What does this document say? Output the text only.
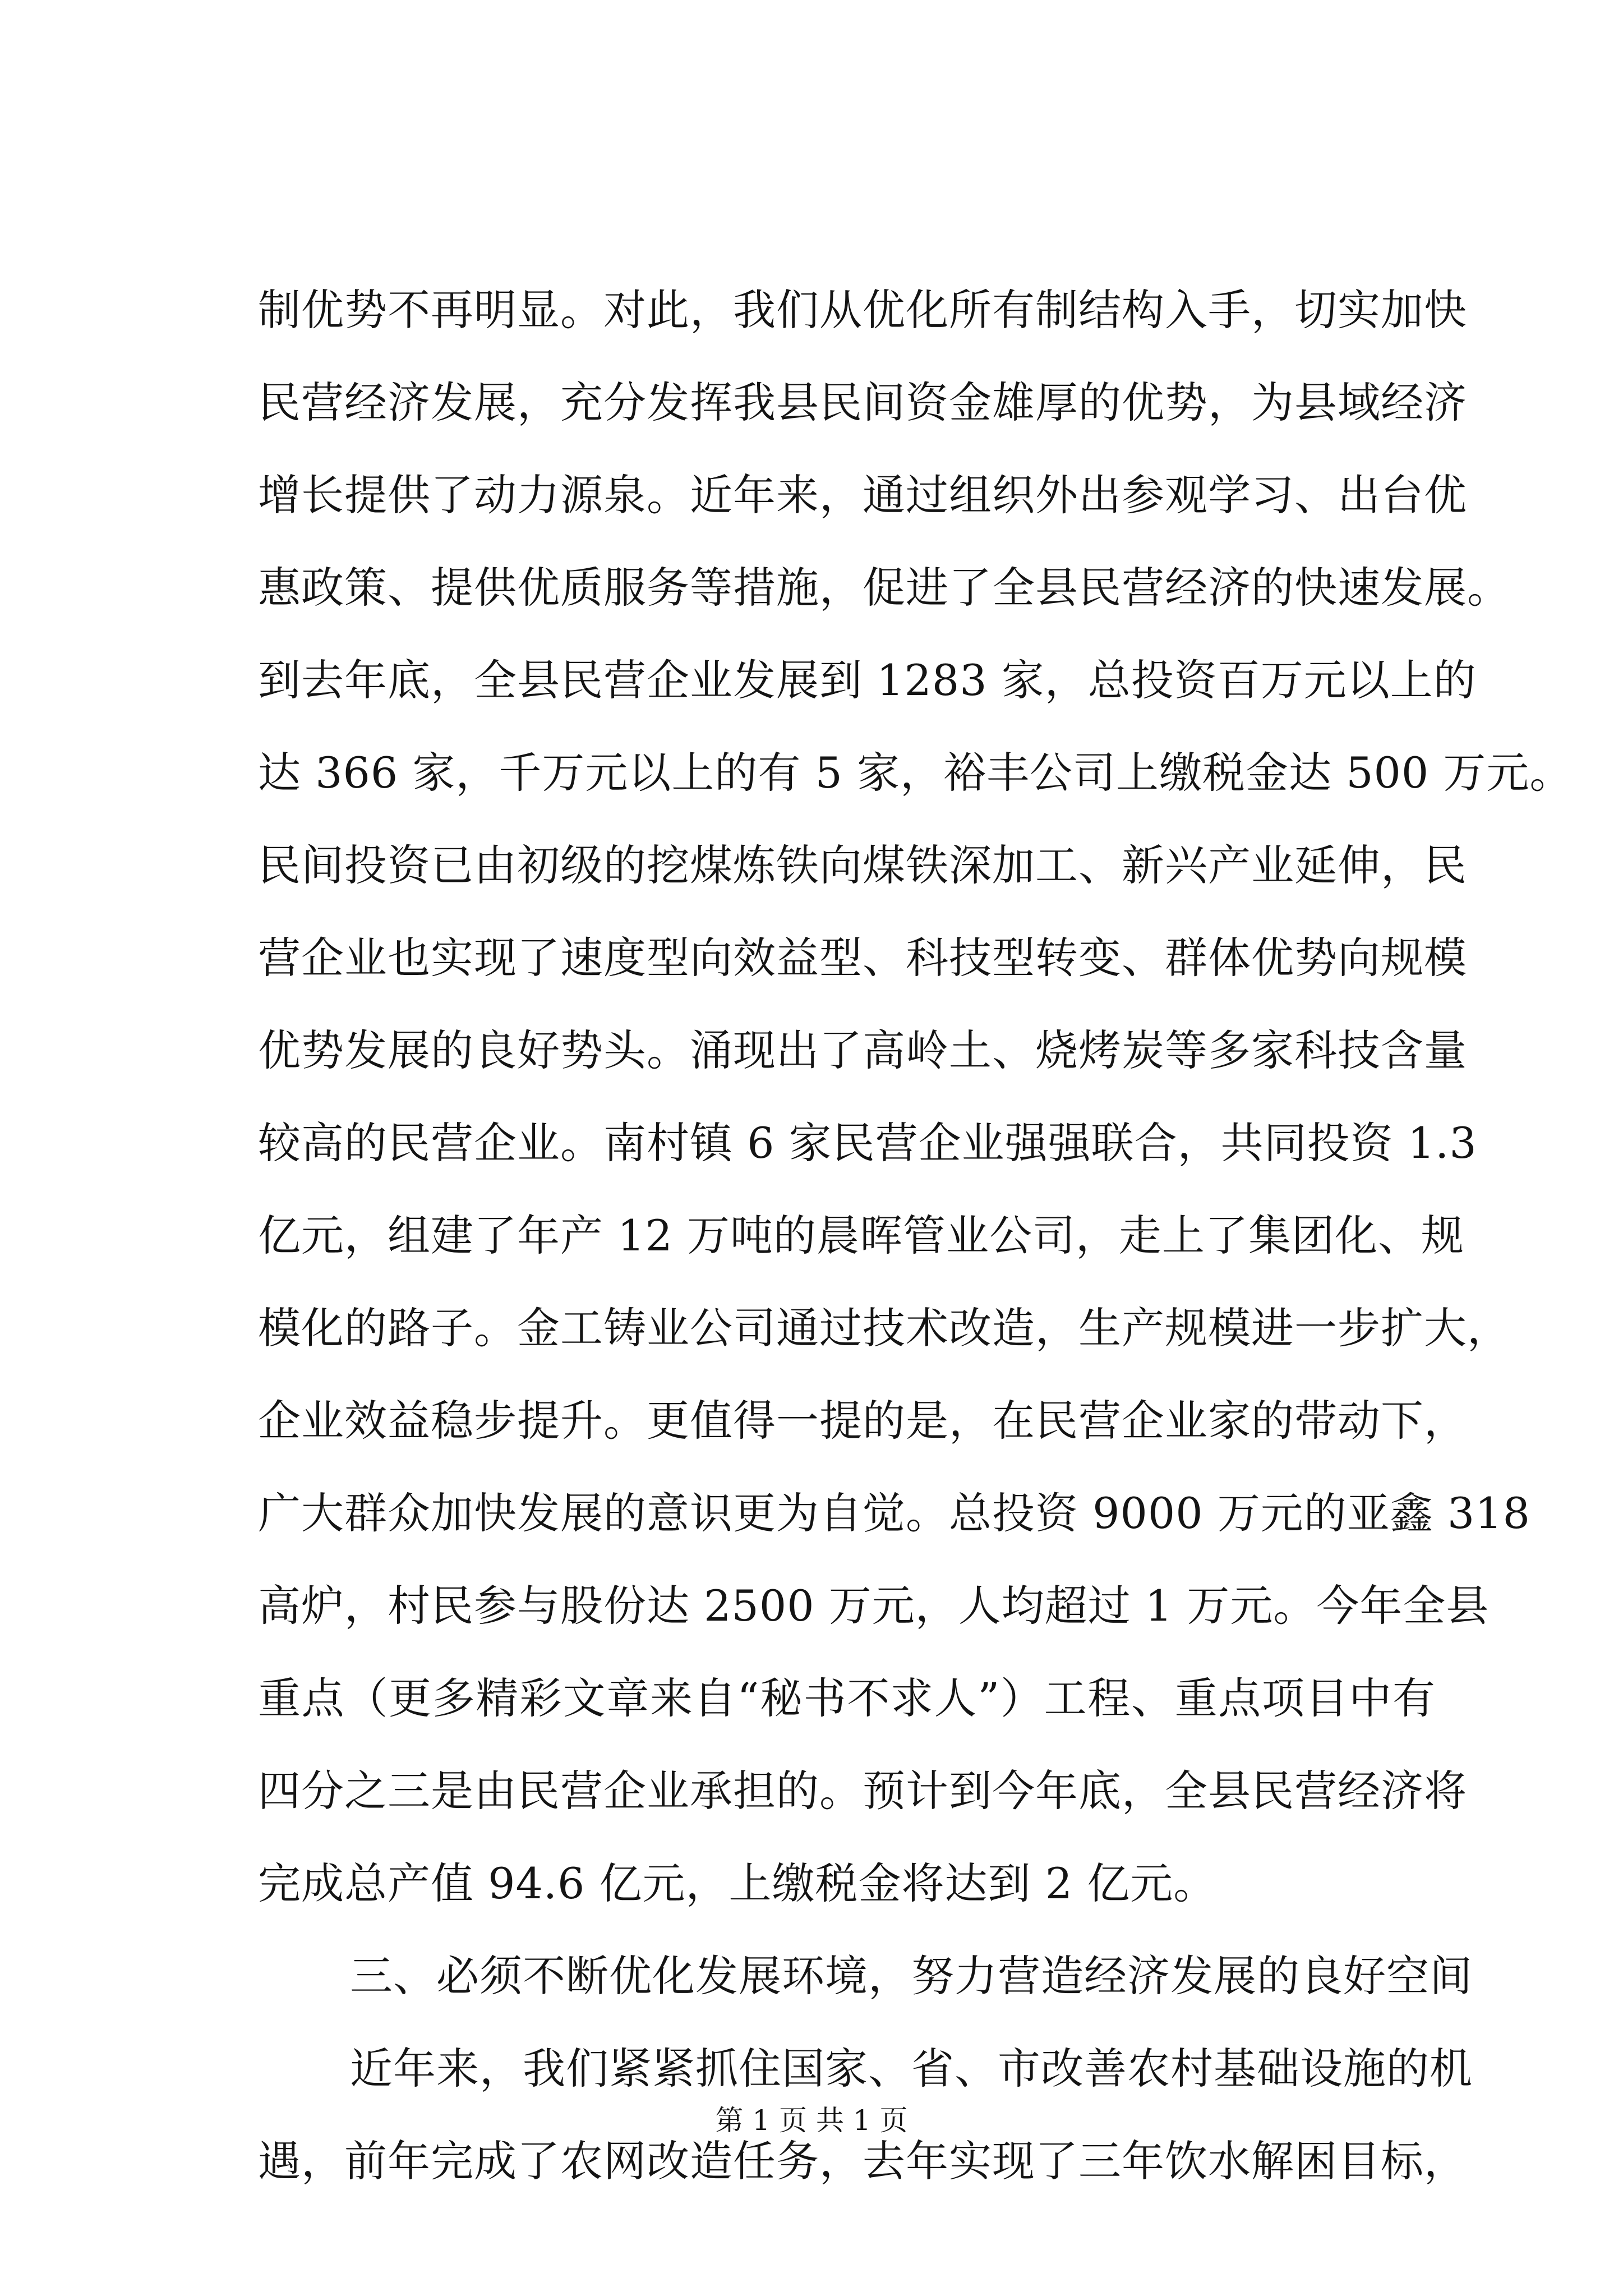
制优势不再明显。对此，我们从优化所有制结构入手，切实加快
民营经济发展，充分发挥我县民间资金雄厚的优势，为县域经济
增长提供了动力源泉。近年来，通过组织外出参观学习、出台优
惠政策、提供优质服务等措施，促进了全县民营经济的快速发展。
到去年底，全县民营企业发展到 1283 家，总投资百万元以上的
达 366 家，千万元以上的有 5 家，裕丰公司上缴税金达 500 万元。
民间投资已由初级的挖煤炼铁向煤铁深加工、新兴产业延伸，民
营企业也实现了速度型向效益型、科技型转变、群体优势向规模
优势发展的良好势头。涌现出了高岭土、烧烤炭等多家科技含量
较高的民营企业。南村镇 6 家民营企业强强联合，共同投资 1.3
亿元，组建了年产 12 万吨的晨晖管业公司，走上了集团化、规
模化的路子。金工铸业公司通过技术改造，生产规模进一步扩大，
企业效益稳步提升。更值得一提的是，在民营企业家的带动下，
广大群众加快发展的意识更为自觉。总投资 9000 万元的亚鑫 318
高炉，村民参与股份达 2500 万元，人均超过 1 万元。今年全县
重点（更多精彩文章来自“秘书不求人”）工程、重点项目中有
四分之三是由民营企业承担的。预计到今年底，全县民营经济将
完成总产值 94.6 亿元，上缴税金将达到 2 亿元。
三、必须不断优化发展环境，努力营造经济发展的良好空间
近年来，我们紧紧抓住国家、省、市改善农村基础设施的机
遇，前年完成了农网改造任务，去年实现了三年饮水解困目标，
第 1 页 共 1 页
